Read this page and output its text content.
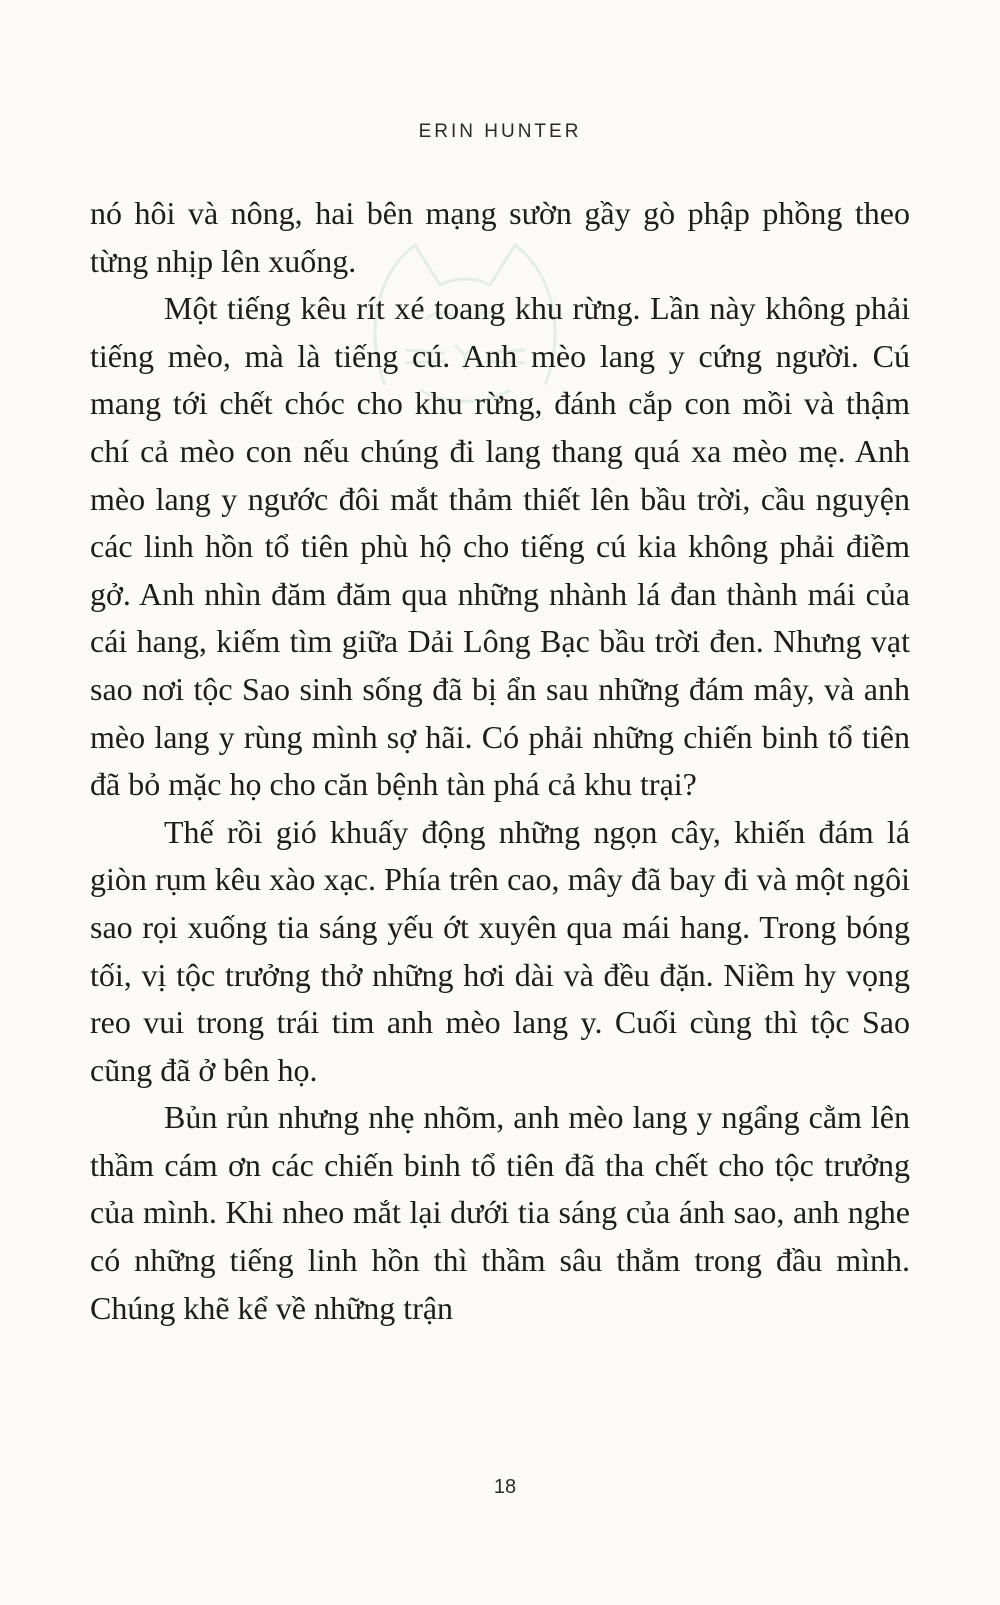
ERIN HUNTER

nó hôi và nông, hai bên mạng sườn gầy gò phập phồng theo từng nhịp lên xuống.

Một tiếng kêu rít xé toang khu rừng. Lần này không phải tiếng mèo, mà là tiếng cú. Anh mèo lang y cứng người. Cú mang tới chết chóc cho khu rừng, đánh cắp con mồi và thậm chí cả mèo con nếu chúng đi lang thang quá xa mèo mẹ. Anh mèo lang y ngước đôi mắt thảm thiết lên bầu trời, cầu nguyện các linh hồn tổ tiên phù hộ cho tiếng cú kia không phải điềm gở. Anh nhìn đăm đăm qua những nhành lá đan thành mái của cái hang, kiếm tìm giữa Dải Lông Bạc bầu trời đen. Nhưng vạt sao nơi tộc Sao sinh sống đã bị ẩn sau những đám mây, và anh mèo lang y rùng mình sợ hãi. Có phải những chiến binh tổ tiên đã bỏ mặc họ cho căn bệnh tàn phá cả khu trại?

Thế rồi gió khuấy động những ngọn cây, khiến đám lá giòn rụm kêu xào xạc. Phía trên cao, mây đã bay đi và một ngôi sao rọi xuống tia sáng yếu ớt xuyên qua mái hang. Trong bóng tối, vị tộc trưởng thở những hơi dài và đều đặn. Niềm hy vọng reo vui trong trái tim anh mèo lang y. Cuối cùng thì tộc Sao cũng đã ở bên họ.

Bủn rủn nhưng nhẹ nhõm, anh mèo lang y ngẩng cằm lên thầm cám ơn các chiến binh tổ tiên đã tha chết cho tộc trưởng của mình. Khi nheo mắt lại dưới tia sáng của ánh sao, anh nghe có những tiếng linh hồn thì thầm sâu thẳm trong đầu mình. Chúng khẽ kể về những trận

18
